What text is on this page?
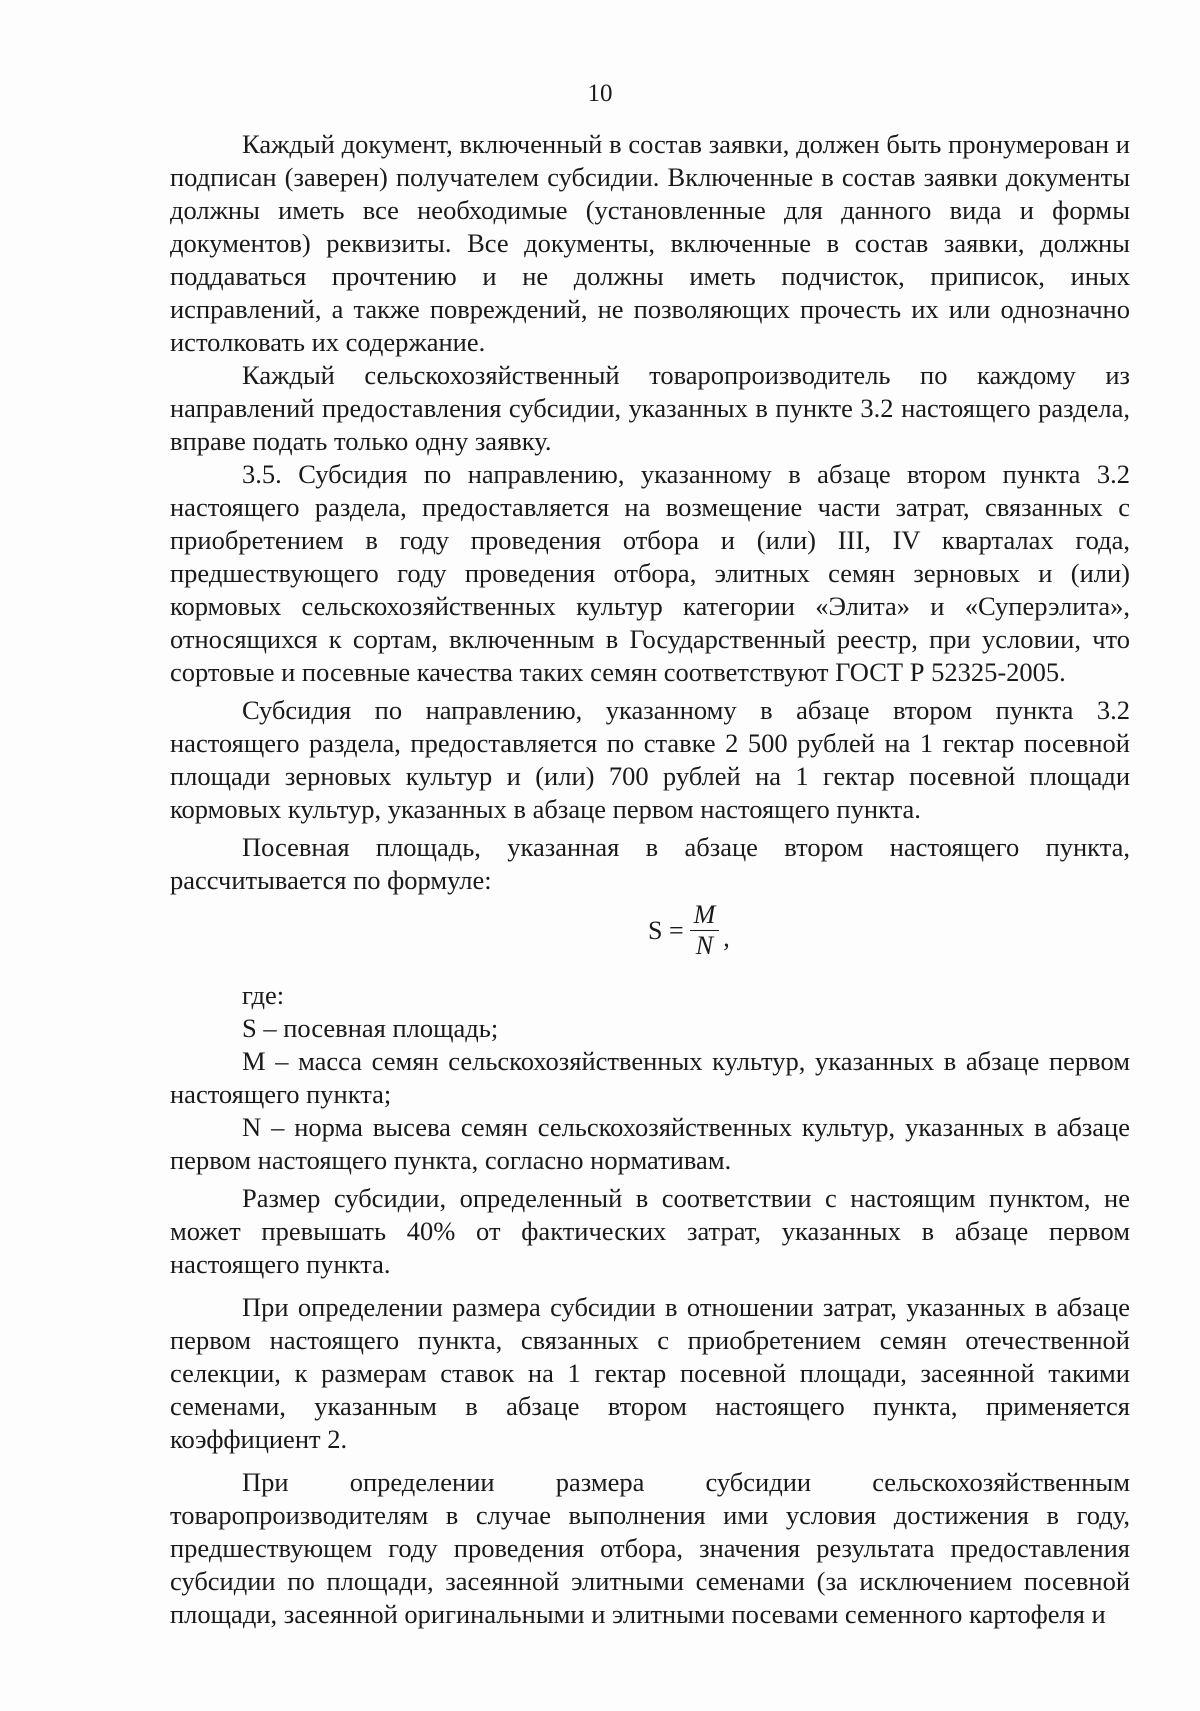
10

Каждый документ, включенный в состав заявки, должен быть пронумерован и подписан (заверен) получателем субсидии. Включенные в состав заявки документы должны иметь все необходимые (установленные для данного вида и формы документов) реквизиты. Все документы, включенные в состав заявки, должны поддаваться прочтению и не должны иметь подчисток, приписок, иных исправлений, а также повреждений, не позволяющих прочесть их или однозначно истолковать их содержание.

Каждый сельскохозяйственный товаропроизводитель по каждому из направлений предоставления субсидии, указанных в пункте 3.2 настоящего раздела, вправе подать только одну заявку.

3.5. Субсидия по направлению, указанному в абзаце втором пункта 3.2 настоящего раздела, предоставляется на возмещение части затрат, связанных с приобретением в году проведения отбора и (или) III, IV кварталах года, предшествующего году проведения отбора, элитных семян зерновых и (или) кормовых сельскохозяйственных культур категории «Элита» и «Суперэлита», относящихся к сортам, включенным в Государственный реестр, при условии, что сортовые и посевные качества таких семян соответствуют ГОСТ Р 52325-2005.

Субсидия по направлению, указанному в абзаце втором пункта 3.2 настоящего раздела, предоставляется по ставке 2 500 рублей на 1 гектар посевной площади зерновых культур и (или) 700 рублей на 1 гектар посевной площади кормовых культур, указанных в абзаце первом настоящего пункта.

Посевная площадь, указанная в абзаце втором настоящего пункта, рассчитывается по формуле:

$S = \frac{M}{N}$ ,

где:

S – посевная площадь;

М – масса семян сельскохозяйственных культур, указанных в абзаце первом настоящего пункта;

N – норма высева семян сельскохозяйственных культур, указанных в абзаце первом настоящего пункта, согласно нормативам.

Размер субсидии, определенный в соответствии с настоящим пунктом, не может превышать 40% от фактических затрат, указанных в абзаце первом настоящего пункта.

При определении размера субсидии в отношении затрат, указанных в абзаце первом настоящего пункта, связанных с приобретением семян отечественной селекции, к размерам ставок на 1 гектар посевной площади, засеянной такими семенами, указанным в абзаце втором настоящего пункта, применяется коэффициент 2.

При определении размера субсидии сельскохозяйственным товаропроизводителям в случае выполнения ими условия достижения в году, предшествующем году проведения отбора, значения результата предоставления субсидии по площади, засеянной элитными семенами (за исключением посевной площади, засеянной оригинальными и элитными посевами семенного картофеля и
